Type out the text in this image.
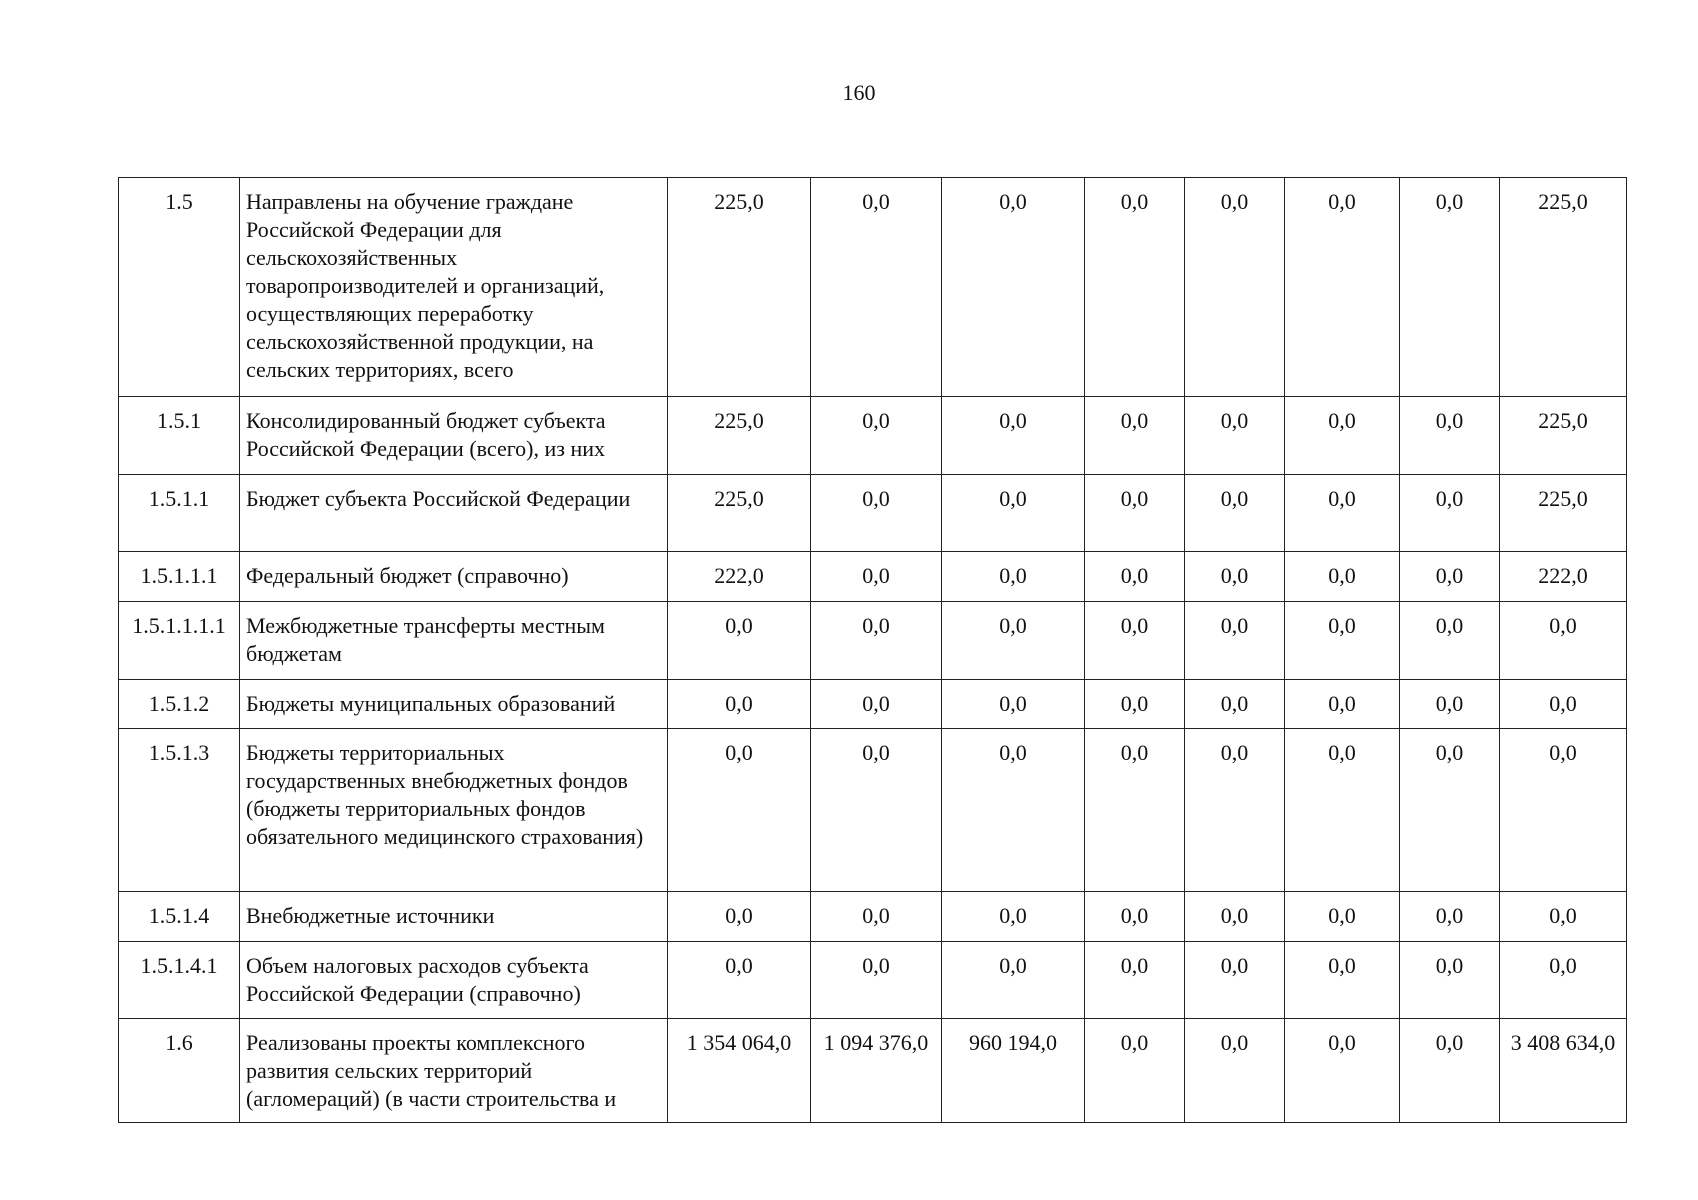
160
1.5	Направлены на обучение граждане Российской Федерации для сельскохозяйственных товаропроизводителей и организаций, осуществляющих переработку сельскохозяйственной продукции, на сельских территориях, всего	225,0	0,0	0,0	0,0	0,0	0,0	0,0	225,0
1.5.1	Консолидированный бюджет субъекта Российской Федерации (всего), из них	225,0	0,0	0,0	0,0	0,0	0,0	0,0	225,0
1.5.1.1	Бюджет субъекта Российской Федерации	225,0	0,0	0,0	0,0	0,0	0,0	0,0	225,0
1.5.1.1.1	Федеральный бюджет (справочно)	222,0	0,0	0,0	0,0	0,0	0,0	0,0	222,0
1.5.1.1.1.1	Межбюджетные трансферты местным бюджетам	0,0	0,0	0,0	0,0	0,0	0,0	0,0	0,0
1.5.1.2	Бюджеты муниципальных образований	0,0	0,0	0,0	0,0	0,0	0,0	0,0	0,0
1.5.1.3	Бюджеты территориальных государственных внебюджетных фондов (бюджеты территориальных фондов обязательного медицинского страхования)	0,0	0,0	0,0	0,0	0,0	0,0	0,0	0,0
1.5.1.4	Внебюджетные источники	0,0	0,0	0,0	0,0	0,0	0,0	0,0	0,0
1.5.1.4.1	Объем налоговых расходов субъекта Российской Федерации (справочно)	0,0	0,0	0,0	0,0	0,0	0,0	0,0	0,0
1.6	Реализованы проекты комплексного развития сельских территорий (агломераций) (в части строительства и	1 354 064,0	1 094 376,0	960 194,0	0,0	0,0	0,0	0,0	3 408 634,0
